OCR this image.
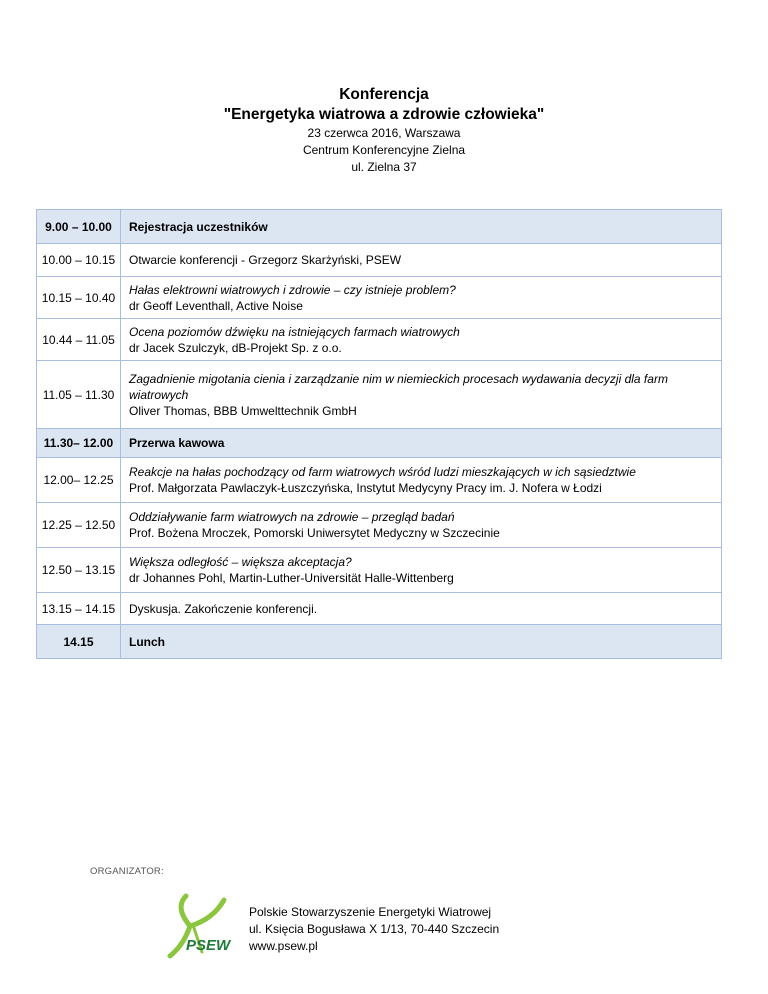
Konferencja
"Energetyka wiatrowa a zdrowie człowieka"
23 czerwca 2016, Warszawa
Centrum Konferencyjne Zielna
ul. Zielna 37
9.00 – 10.00	Rejestracja uczestników
10.00 – 10.15	Otwarcie konferencji - Grzegorz Skarżyński, PSEW
10.15 – 10.40	Hałas elektrowni wiatrowych i zdrowie – czy istnieje problem?
dr Geoff Leventhall, Active Noise

10.44 – 11.05	Ocena poziomów dźwięku na istniejących farmach wiatrowych
dr Jacek Szulczyk, dB-Projekt Sp. z o.o.

11.05 – 11.30	Zagadnienie migotania cienia i zarządzanie nim w niemieckich procesach wydawania decyzji dla farm wiatrowych
Oliver Thomas, BBB Umwelttechnik GmbH

11.30– 12.00	Przerwa kawowa
12.00– 12.25	Reakcje na hałas pochodzący od farm wiatrowych wśród ludzi mieszkających w ich sąsiedztwie
Prof. Małgorzata Pawlaczyk-Łuszczyńska, Instytut Medycyny Pracy im. J. Nofera w Łodzi

12.25 – 12.50	Oddziaływanie farm wiatrowych na zdrowie – przegląd badań
Prof. Bożena Mroczek, Pomorski Uniwersytet Medyczny w Szczecinie

12.50 – 13.15	Większa odległość – większa akceptacja?
dr Johannes Pohl, Martin-Luther-Universität Halle-Wittenberg

13.15 – 14.15	Dyskusja. Zakończenie konferencji.
14.15	Lunch
ORGANIZATOR:
PSEW
Polskie Stowarzyszenie Energetyki Wiatrowej
ul. Księcia Bogusława X 1/13, 70-440 Szczecin
www.psew.pl
